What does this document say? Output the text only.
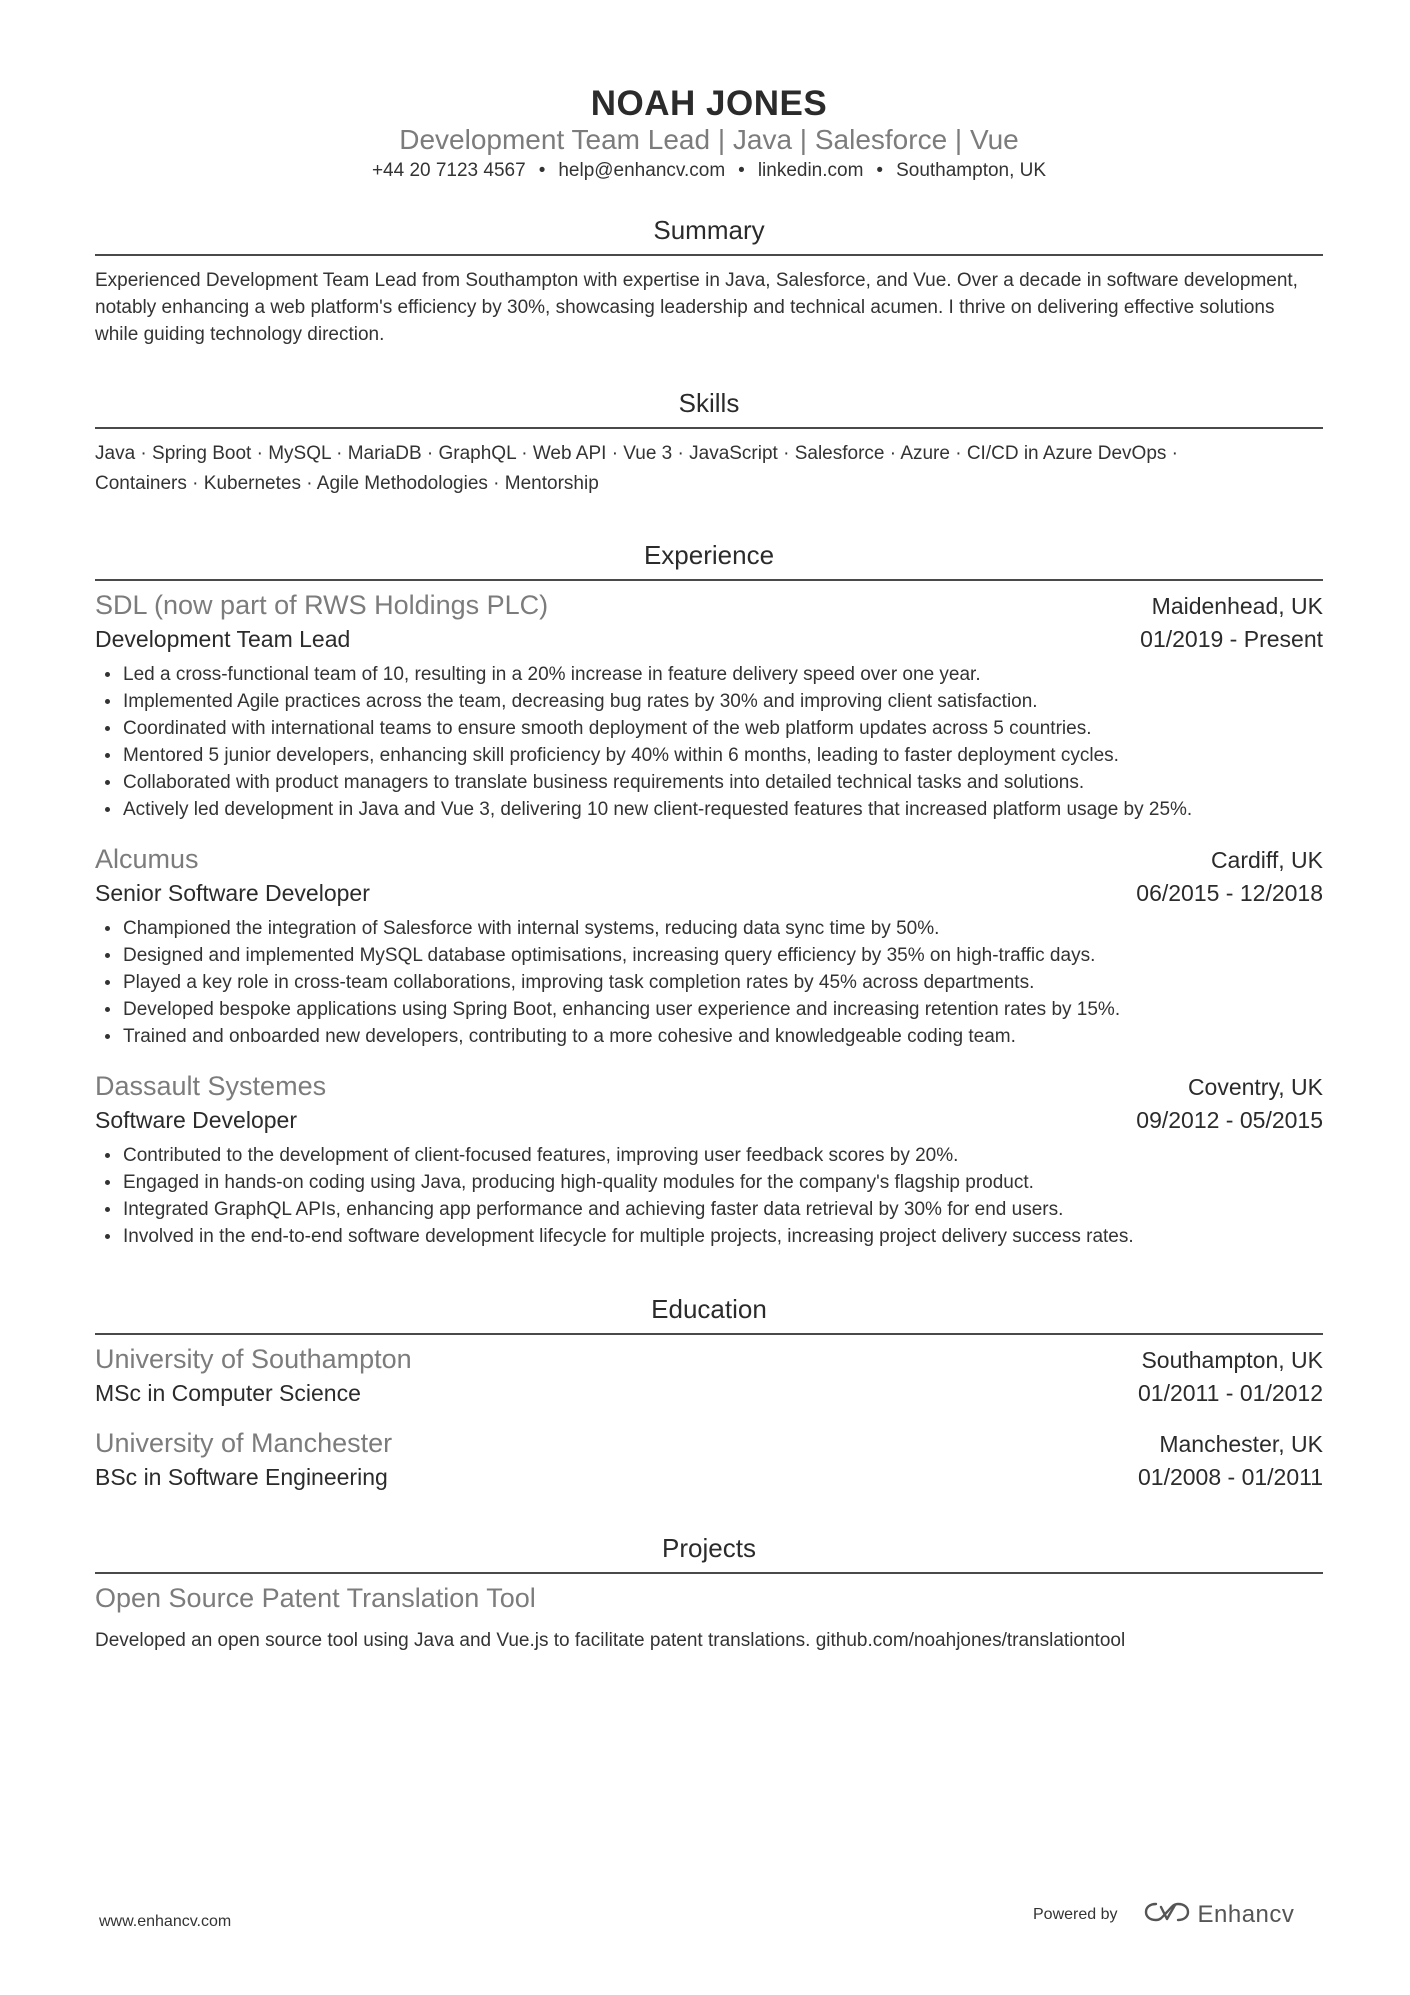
NOAH JONES
Development Team Lead | Java | Salesforce | Vue
+44 20 7123 4567 • help@enhancv.com • linkedin.com • Southampton, UK
Summary
Experienced Development Team Lead from Southampton with expertise in Java, Salesforce, and Vue. Over a decade in software development, notably enhancing a web platform's efficiency by 30%, showcasing leadership and technical acumen. I thrive on delivering effective solutions while guiding technology direction.
Skills
Java · Spring Boot · MySQL · MariaDB · GraphQL · Web API · Vue 3 · JavaScript · Salesforce · Azure · CI/CD in Azure DevOps ·
Containers · Kubernetes · Agile Methodologies · Mentorship
Experience
SDL (now part of RWS Holdings PLC)	Maidenhead, UK
Development Team Lead	01/2019 - Present
Led a cross-functional team of 10, resulting in a 20% increase in feature delivery speed over one year.
Implemented Agile practices across the team, decreasing bug rates by 30% and improving client satisfaction.
Coordinated with international teams to ensure smooth deployment of the web platform updates across 5 countries.
Mentored 5 junior developers, enhancing skill proficiency by 40% within 6 months, leading to faster deployment cycles.
Collaborated with product managers to translate business requirements into detailed technical tasks and solutions.
Actively led development in Java and Vue 3, delivering 10 new client-requested features that increased platform usage by 25%.
Alcumus	Cardiff, UK
Senior Software Developer	06/2015 - 12/2018
Championed the integration of Salesforce with internal systems, reducing data sync time by 50%.
Designed and implemented MySQL database optimisations, increasing query efficiency by 35% on high-traffic days.
Played a key role in cross-team collaborations, improving task completion rates by 45% across departments.
Developed bespoke applications using Spring Boot, enhancing user experience and increasing retention rates by 15%.
Trained and onboarded new developers, contributing to a more cohesive and knowledgeable coding team.
Dassault Systemes	Coventry, UK
Software Developer	09/2012 - 05/2015
Contributed to the development of client-focused features, improving user feedback scores by 20%.
Engaged in hands-on coding using Java, producing high-quality modules for the company's flagship product.
Integrated GraphQL APIs, enhancing app performance and achieving faster data retrieval by 30% for end users.
Involved in the end-to-end software development lifecycle for multiple projects, increasing project delivery success rates.
Education
University of Southampton	Southampton, UK
MSc in Computer Science	01/2011 - 01/2012
University of Manchester	Manchester, UK
BSc in Software Engineering	01/2008 - 01/2011
Projects
Open Source Patent Translation Tool
Developed an open source tool using Java and Vue.js to facilitate patent translations. github.com/noahjones/translationtool
www.enhancv.com	Powered by	Enhancv
